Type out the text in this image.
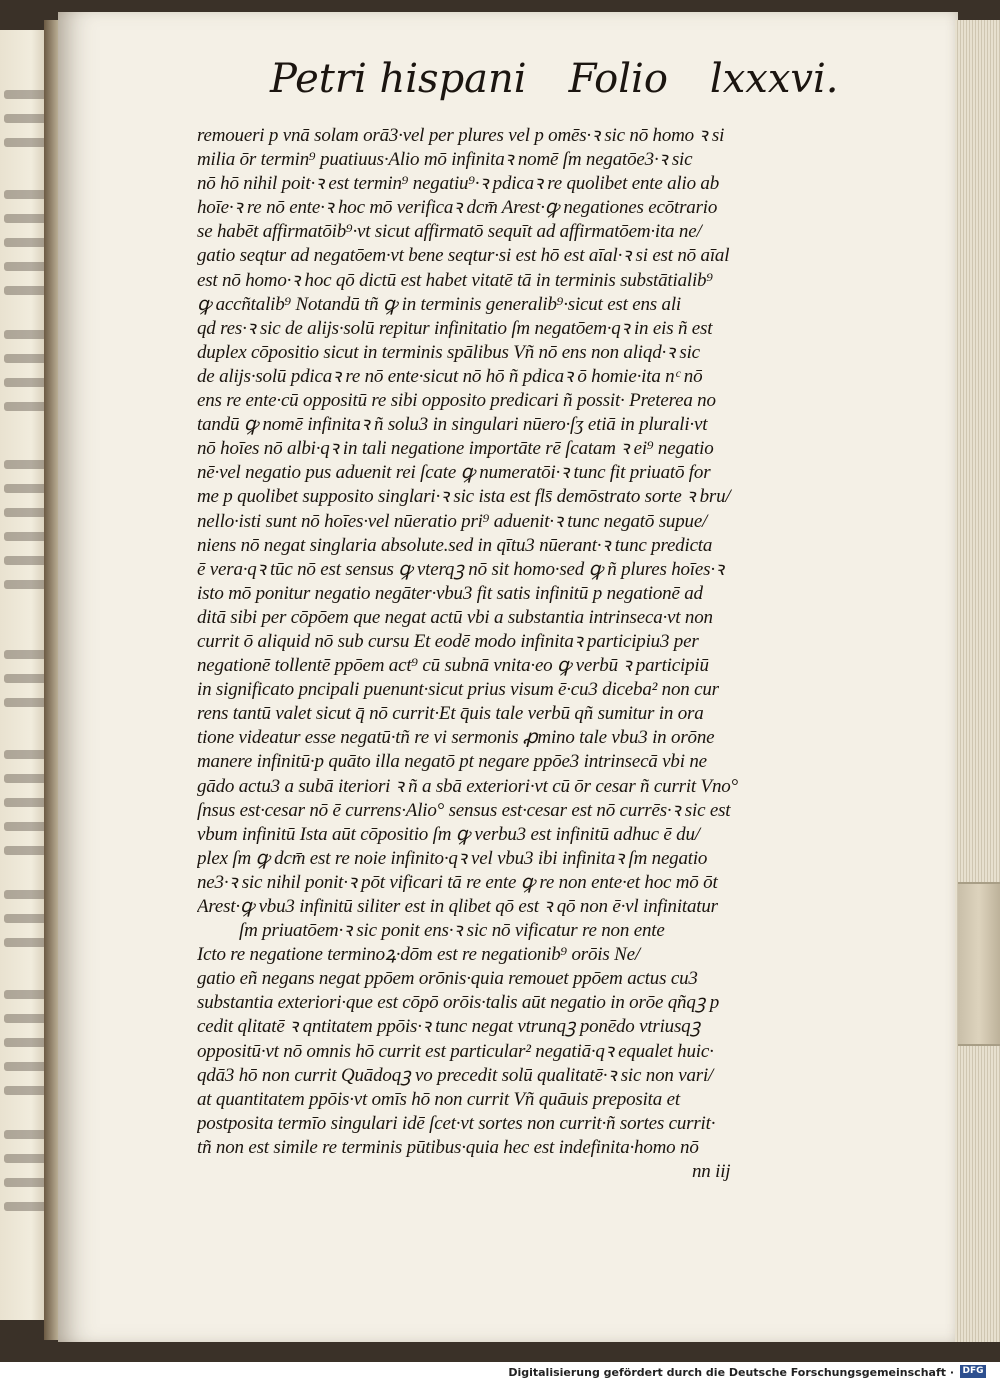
Petri hispani Folio lxxxvi.
remoueri p vnā solam orā3·vel per plures vel p omēs·ꝛ sic nō homo ꝛ si
milia ōr termin⁹ puatiuus·Alio mō infinitaꝛ nomē ſm negatōe3·ꝛ sic
nō hō nihil poit·ꝛ est termin⁹ negatiu⁹·ꝛ pdicaꝛ re quolibet ente alio ab
hoīe·ꝛ re nō ente·ꝛ hoc mō verificaꝛ dcm̄ Arest·ꝙ negationes ecōtrario
se habēt affirmatōib⁹·vt sicut affirmatō sequīt ad affirmatōem·ita ne/
gatio seqtur ad negatōem·vt bene seqtur·si est hō est aīal·ꝛ si est nō aīal
est nō homo·ꝛ hoc qō dictū est habet vitatē tā in terminis substātialib⁹
ꝙ accñtalib⁹ Notandū tñ ꝙ in terminis generalib⁹·sicut est ens ali
qd res·ꝛ sic de alijs·solū repitur infinitatio ſm negatōem·qꝛ in eis ñ est
duplex cōpositio sicut in terminis spālibus Vñ nō ens non aliqd·ꝛ sic
de alijs·solū pdicaꝛ re nō ente·sicut nō hō ñ pdicaꝛ ō homie·ita nᶜ nō
ens re ente·cū oppositū re sibi opposito predicari ñ possit· Preterea no
tandū ꝙ nomē infinitaꝛ ñ solu3 in singulari nūero·ſʒ etiā in plurali·vt
nō hoīes nō albi·qꝛ in tali negatione importāte rē ſcatam ꝛ ei⁹ negatio
nē·vel negatio pus aduenit rei ſcate ꝙ numeratōi·ꝛ tunc fit priuatō for
me p quolibet supposito singlari·ꝛ sic ista est fls̄ demōstrato sorte ꝛ bru/
nello·isti sunt nō hoīes·vel nūeratio pri⁹ aduenit·ꝛ tunc negatō supue/
niens nō negat singlaria absolute.sed in qītu3 nūerant·ꝛ tunc predicta
ē vera·qꝛ tūc nō est sensus ꝙ vterqꝫ nō sit homo·sed ꝙ ñ plures hoīes·ꝛ
isto mō ponitur negatio negāter·vbu3 fit satis infinitū p negationē ad
ditā sibi per cōpōem que negat actū vbi a substantia intrinseca·vt non
currit ō aliquid nō sub cursu Et eodē modo infinitaꝛ participiu3 per
negationē tollentē ppōem act⁹ cū subnā vnita·eo ꝙ verbū ꝛ participiū
in significato pncipali puenunt·sicut prius visum ē·cu3 diceba² non cur
rens tantū valet sicut q̄ nō currit·Et q̄uis tale verbū qñ sumitur in ora
tione videatur esse negatū·tñ re vi sermonis ꝓmino tale vbu3 in orōne
manere infinitū·p quāto illa negatō pt negare ppōe3 intrinsecā vbi ne
gādo actu3 a subā iteriori ꝛ ñ a sbā exteriori·vt cū ōr cesar ñ currit Vno°
ſnsus est·cesar nō ē currens·Alio° sensus est·cesar est nō currēs·ꝛ sic est
vbum infinitū Ista aūt cōpositio ſm ꝙ verbu3 est infinitū adhuc ē du/
plex ſm ꝙ dcm̄ est re noie infinito·qꝛ vel vbu3 ibi infinitaꝛ ſm negatio
ne3·ꝛ sic nihil ponit·ꝛ pōt vificari tā re ente ꝙ re non ente·et hoc mō ōt
Arest·ꝙ vbu3 infinitū siliter est in qlibet qō est ꝛ qō non ē·vl infinitatur
ſm priuatōem·ꝛ sic ponit ens·ꝛ sic nō vificatur re non ente
Icto re negatione terminoꝝ·dōm est re negationib⁹ orōis Ne/
gatio eñ negans negat ppōem orōnis·quia remouet ppōem actus cu3
substantia exteriori·que est cōpō orōis·talis aūt negatio in orōe qñqꝫ p
cedit qlitatē ꝛ qntitatem ppōis·ꝛ tunc negat vtrunqꝫ ponēdo vtriusqꝫ
oppositū·vt nō omnis hō currit est particular² negatiā·qꝛ equalet huic·
qdā3 hō non currit Quādoqꝫ vo precedit solū qualitatē·ꝛ sic non vari/
at quantitatem ppōis·vt omīs hō non currit Vñ quāuis preposita et
postposita termīo singulari idē ſcet·vt sortes non currit·ñ sortes currit·
tñ non est simile re terminis pūtibus·quia hec est indefinita·homo nō
nn iij
Digitalisierung gefördert durch die Deutsche Forschungsgemeinschaft · DFG
